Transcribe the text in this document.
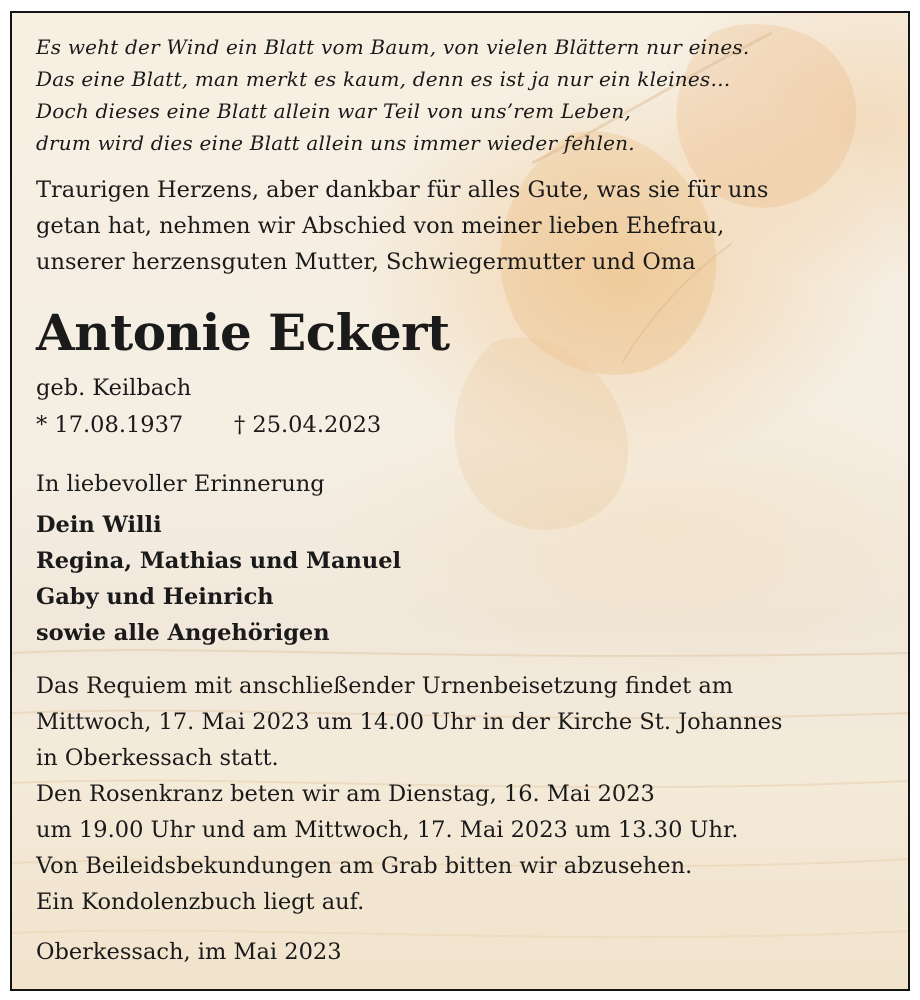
Es weht der Wind ein Blatt vom Baum, von vielen Blättern nur eines.
Das eine Blatt, man merkt es kaum, denn es ist ja nur ein kleines…
Doch dieses eine Blatt allein war Teil von uns’rem Leben,
drum wird dies eine Blatt allein uns immer wieder fehlen.
Traurigen Herzens, aber dankbar für alles Gute, was sie für uns
getan hat, nehmen wir Abschied von meiner lieben Ehefrau,
unserer herzensguten Mutter, Schwiegermutter und Oma
Antonie Eckert
geb. Keilbach
* 17.08.1937 † 25.04.2023
In liebevoller Erinnerung
Dein Willi
Regina, Mathias und Manuel
Gaby und Heinrich
sowie alle Angehörigen
Das Requiem mit anschließender Urnenbeisetzung findet am
Mittwoch, 17. Mai 2023 um 14.00 Uhr in der Kirche St. Johannes
in Oberkessach statt.
Den Rosenkranz beten wir am Dienstag, 16. Mai 2023
um 19.00 Uhr und am Mittwoch, 17. Mai 2023 um 13.30 Uhr.
Von Beileidsbekundungen am Grab bitten wir abzusehen.
Ein Kondolenzbuch liegt auf.
Oberkessach, im Mai 2023
